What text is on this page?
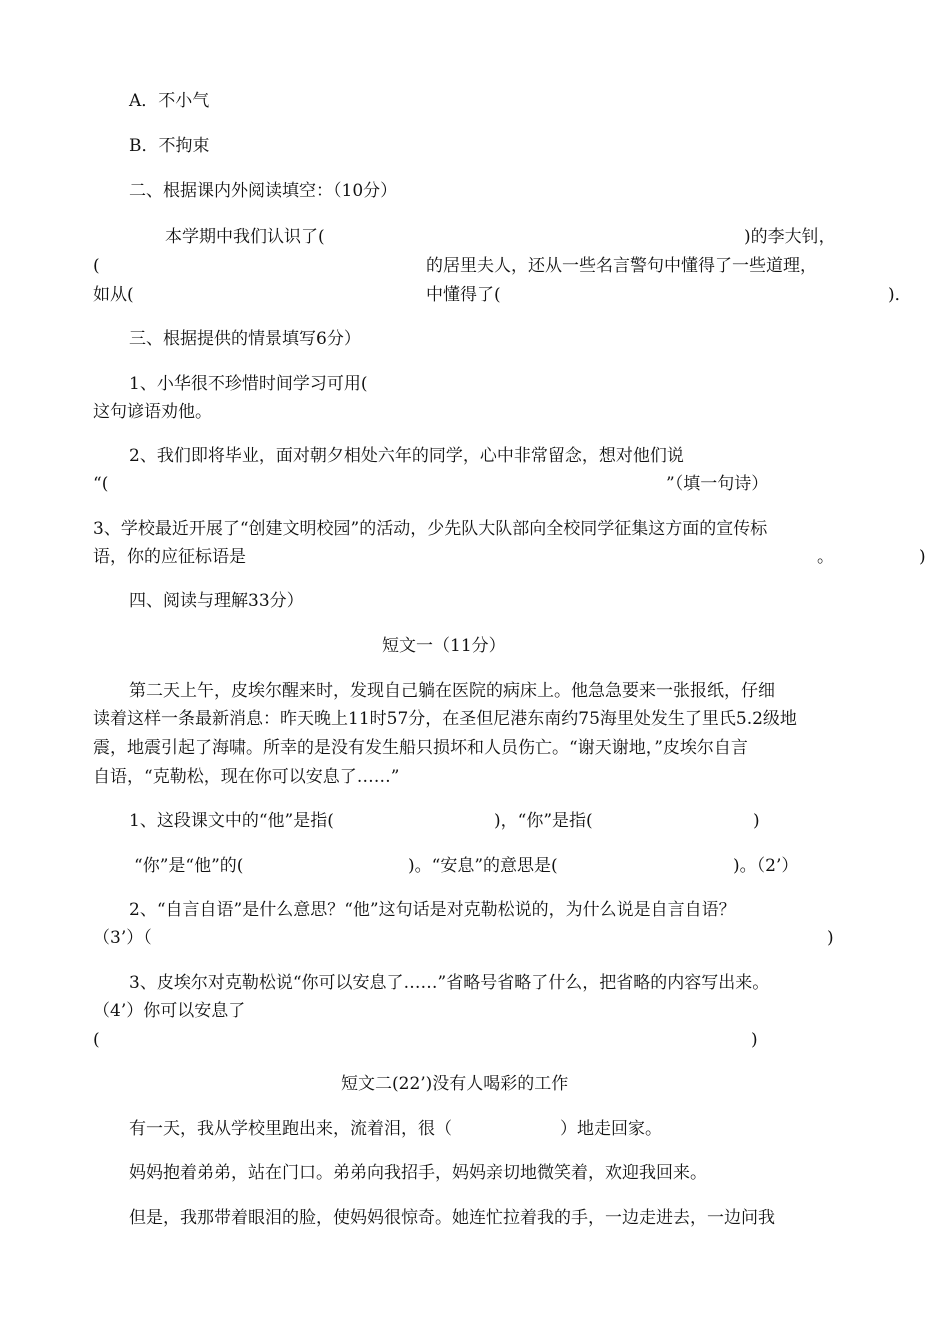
A．不小气
B．不拘束
二、根据课内外阅读填空：（10分）
本学期中我们认识了(	)的李大钊，
(	的居里夫人，还从一些名言警句中懂得了一些道理，
如从(	中懂得了(	)．
三、根据提供的情景填写6分）
1、小华很不珍惜时间学习可用(
这句谚语劝他。
2、我们即将毕业，面对朝夕相处六年的同学，心中非常留念，想对他们说
“(	”（填一句诗）
3、学校最近开展了“创建文明校园”的活动，少先队大队部向全校同学征集这方面的宣传标
语，你的应征标语是	。	)
四、阅读与理解33分）
短文一（11分）
第二天上午，皮埃尔醒来时，发现自己躺在医院的病床上。他急急要来一张报纸，仔细
读着这样一条最新消息：昨天晚上11时57分，在圣但尼港东南约75海里处发生了里氏5.2级地
震，地震引起了海啸。所幸的是没有发生船只损坏和人员伤亡。“谢天谢地，”皮埃尔自言
自语，“克勒松，现在你可以安息了……”
1、这段课文中的“他”是指(	)，“你”是指(	)
“你”是“他”的(	)。“安息”的意思是(	)。（2’）
2、“自言自语”是什么意思？“他”这句话是对克勒松说的，为什么说是自言自语？
（3’）（	)
3、皮埃尔对克勒松说“你可以安息了……”省略号省略了什么，把省略的内容写出来。
（4’）你可以安息了
(	)
短文二(22’)没有人喝彩的工作
有一天，我从学校里跑出来，流着泪，很（	）地走回家。
妈妈抱着弟弟，站在门口。弟弟向我招手，妈妈亲切地微笑着，欢迎我回来。
但是，我那带着眼泪的脸，使妈妈很惊奇。她连忙拉着我的手，一边走进去，一边问我
